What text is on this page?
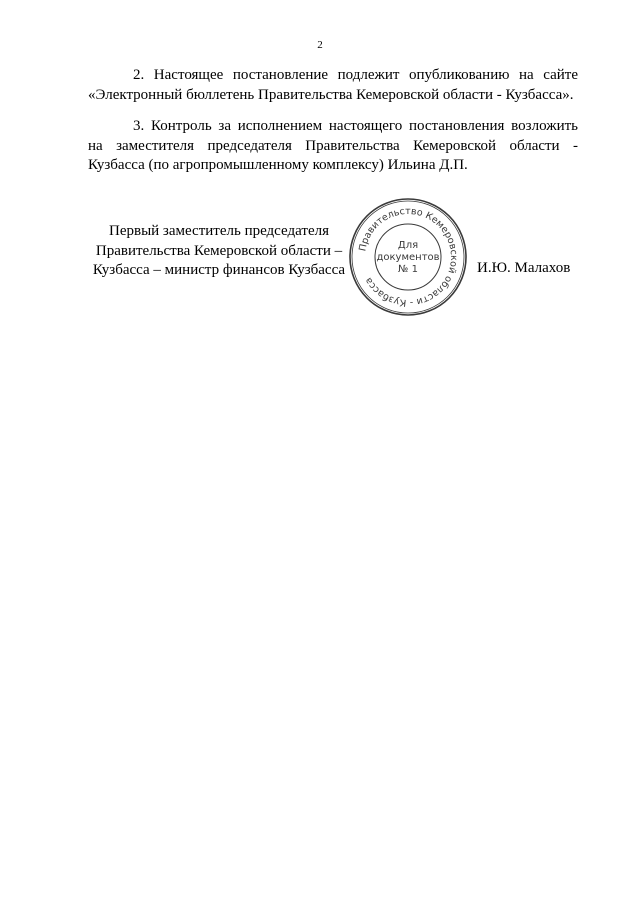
2

2. Настоящее постановление подлежит опубликованию на сайте «Электронный бюллетень Правительства Кемеровской области - Кузбасса».

3. Контроль за исполнением настоящего постановления возложить на заместителя председателя Правительства Кемеровской области - Кузбасса (по агропромышленному комплексу) Ильина Д.П.

Первый заместитель председателя
Правительства Кемеровской области –
Кузбасса – министр финансов Кузбасса
Правительство Кемеровской области - Кузбасса
Для
документов
№ 1	И.Ю. Малахов
